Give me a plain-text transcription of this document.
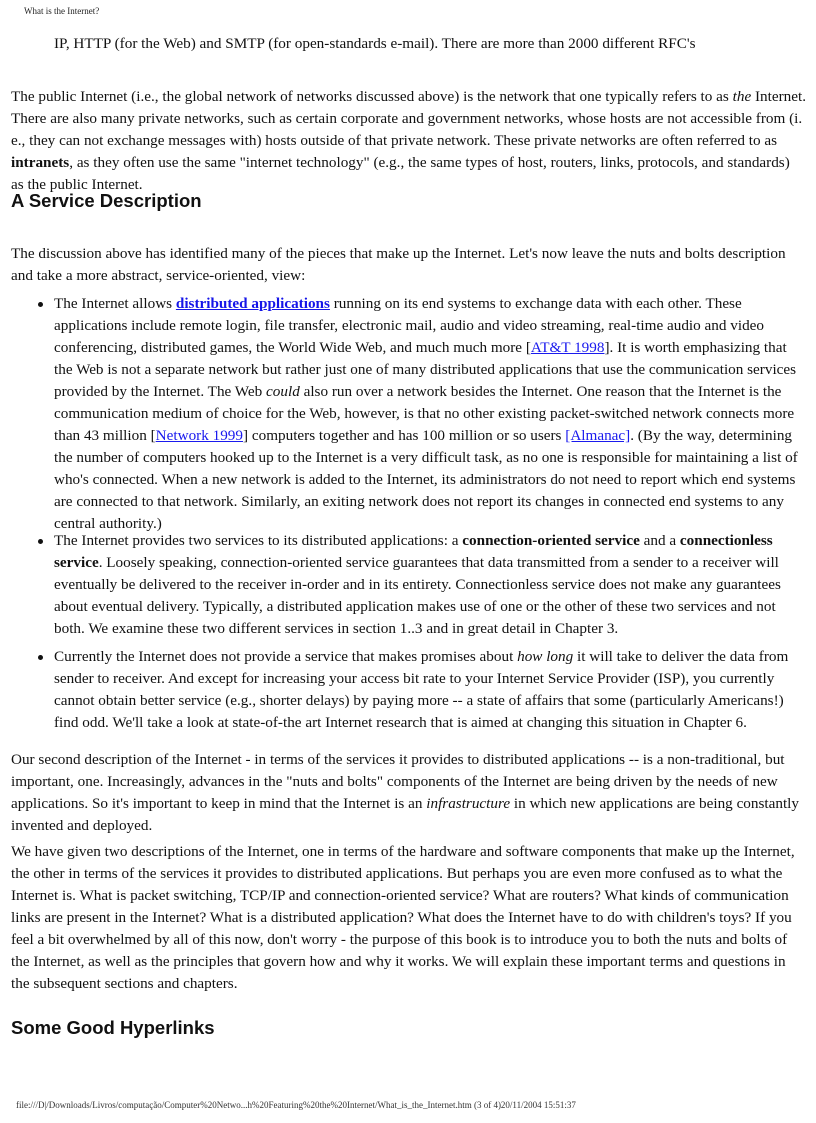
What is the Internet?
IP, HTTP (for the Web) and SMTP (for open-standards e-mail). There are more than 2000 different RFC's
The public Internet (i.e., the global network of networks discussed above) is the network that one typically refers to as the Internet. There are also many private networks, such as certain corporate and government networks, whose hosts are not accessible from (i. e., they can not exchange messages with) hosts outside of that private network. These private networks are often referred to as intranets, as they often use the same "internet technology" (e.g., the same types of host, routers, links, protocols, and standards) as the public Internet.
A Service Description
The discussion above has identified many of the pieces that make up the Internet. Let's now leave the nuts and bolts description and take a more abstract, service-oriented, view:
The Internet allows distributed applications running on its end systems to exchange data with each other. These applications include remote login, file transfer, electronic mail, audio and video streaming, real-time audio and video conferencing, distributed games, the World Wide Web, and much much more [AT&T 1998]. It is worth emphasizing that the Web is not a separate network but rather just one of many distributed applications that use the communication services provided by the Internet. The Web could also run over a network besides the Internet. One reason that the Internet is the communication medium of choice for the Web, however, is that no other existing packet-switched network connects more than 43 million [Network 1999] computers together and has 100 million or so users [Almanac]. (By the way, determining the number of computers hooked up to the Internet is a very difficult task, as no one is responsible for maintaining a list of who's connected. When a new network is added to the Internet, its administrators do not need to report which end systems are connected to that network. Similarly, an exiting network does not report its changes in connected end systems to any central authority.)
The Internet provides two services to its distributed applications: a connection-oriented service and a connectionless service. Loosely speaking, connection-oriented service guarantees that data transmitted from a sender to a receiver will eventually be delivered to the receiver in-order and in its entirety. Connectionless service does not make any guarantees about eventual delivery. Typically, a distributed application makes use of one or the other of these two services and not both. We examine these two different services in section 1..3 and in great detail in Chapter 3.
Currently the Internet does not provide a service that makes promises about how long it will take to deliver the data from sender to receiver. And except for increasing your access bit rate to your Internet Service Provider (ISP), you currently cannot obtain better service (e.g., shorter delays) by paying more -- a state of affairs that some (particularly Americans!) find odd. We'll take a look at state-of-the art Internet research that is aimed at changing this situation in Chapter 6.
Our second description of the Internet - in terms of the services it provides to distributed applications -- is a non-traditional, but important, one. Increasingly, advances in the "nuts and bolts" components of the Internet are being driven by the needs of new applications. So it's important to keep in mind that the Internet is an infrastructure in which new applications are being constantly invented and deployed.
We have given two descriptions of the Internet, one in terms of the hardware and software components that make up the Internet, the other in terms of the services it provides to distributed applications. But perhaps you are even more confused as to what the Internet is. What is packet switching, TCP/IP and connection-oriented service? What are routers? What kinds of communication links are present in the Internet? What is a distributed application? What does the Internet have to do with children's toys? If you feel a bit overwhelmed by all of this now, don't worry - the purpose of this book is to introduce you to both the nuts and bolts of the Internet, as well as the principles that govern how and why it works. We will explain these important terms and questions in the subsequent sections and chapters.
Some Good Hyperlinks
file:///D|/Downloads/Livros/computação/Computer%20Netwo...h%20Featuring%20the%20Internet/What_is_the_Internet.htm (3 of 4)20/11/2004 15:51:37
